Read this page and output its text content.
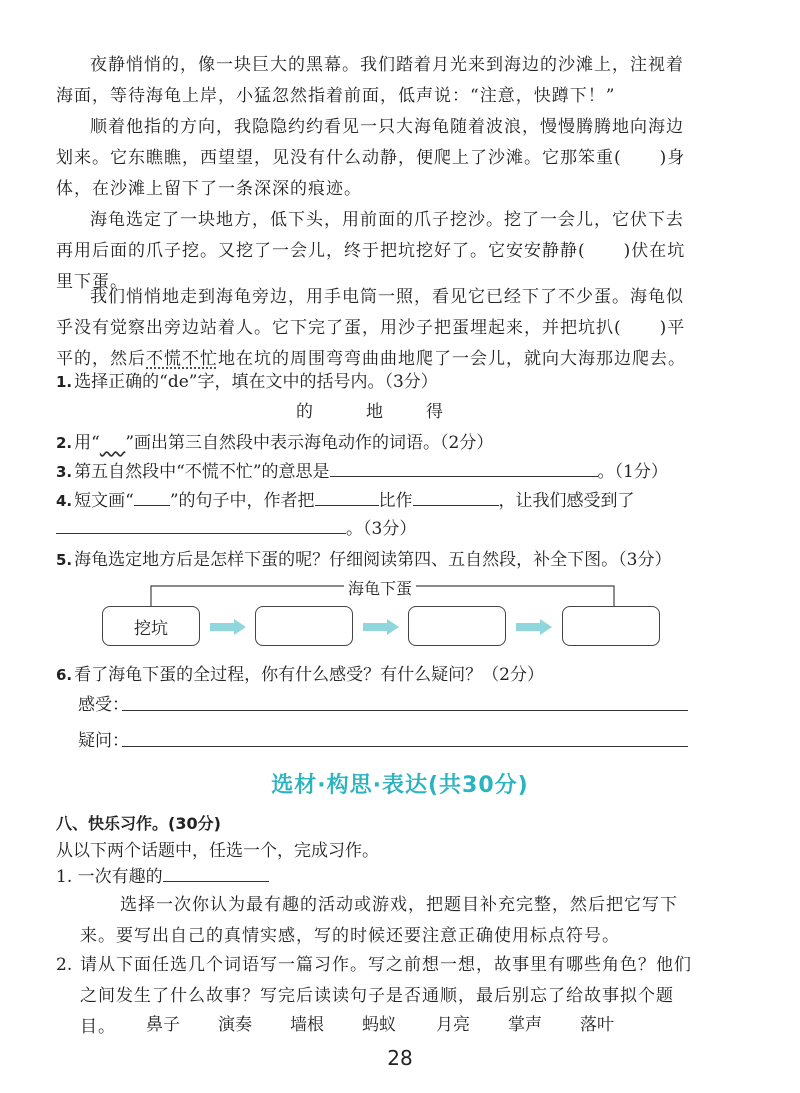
夜静悄悄的，像一块巨大的黑幕。我们踏着月光来到海边的沙滩上，注视着海面，等待海龟上岸，小猛忽然指着前面，低声说：“注意，快蹲下！”

顺着他指的方向，我隐隐约约看见一只大海龟随着波浪，慢慢腾腾地向海边划来。它东瞧瞧，西望望，见没有什么动静，便爬上了沙滩。它那笨重( )身体，在沙滩上留下了一条深深的痕迹。

海龟选定了一块地方，低下头，用前面的爪子挖沙。挖了一会儿，它伏下去再用后面的爪子挖。又挖了一会儿，终于把坑挖好了。它安安静静( )伏在坑里下蛋。

我们悄悄地走到海龟旁边，用手电筒一照，看见它已经下了不少蛋。海龟似乎没有觉察出旁边站着人。它下完了蛋，用沙子把蛋埋起来，并把坑扒( )平平的，然后不慌不忙地在坑的周围弯弯曲曲地爬了一会儿，就向大海那边爬去。

1. 选择正确的“de”字，填在文中的括号内。（3分）
的	地	得
2. 用“    ”画出第三自然段中表示海龟动作的词语。（2分）
3. 第五自然段中“不慌不忙”的意思是	。（1分）
4. 短文画“ ”的句子中，作者把	比作	，让我们感受到了
。（3分）
5. 海龟选定地方后是怎样下蛋的呢？仔细阅读第四、五自然段，补全下图。（3分）
海龟下蛋
挖坑
6. 看了海龟下蛋的全过程，你有什么感受？有什么疑问？（2分）
感受：
疑问：
选材·构思·表达(共30分)
八、快乐习作。(30分)
从以下两个话题中，任选一个，完成习作。
1. 一次有趣的

选择一次你认为最有趣的活动或游戏，把题目补充完整，然后把它写下来。要写出自己的真情实感，写的时候还要注意正确使用标点符号。

2. 请从下面任选几个词语写一篇习作。写之前想一想，故事里有哪些角色？他们之间发生了什么故事？写完后读读句子是否通顺，最后别忘了给故事拟个题目。	鼻子 演奏 墙根 蚂蚁 月亮 掌声 落叶
28
